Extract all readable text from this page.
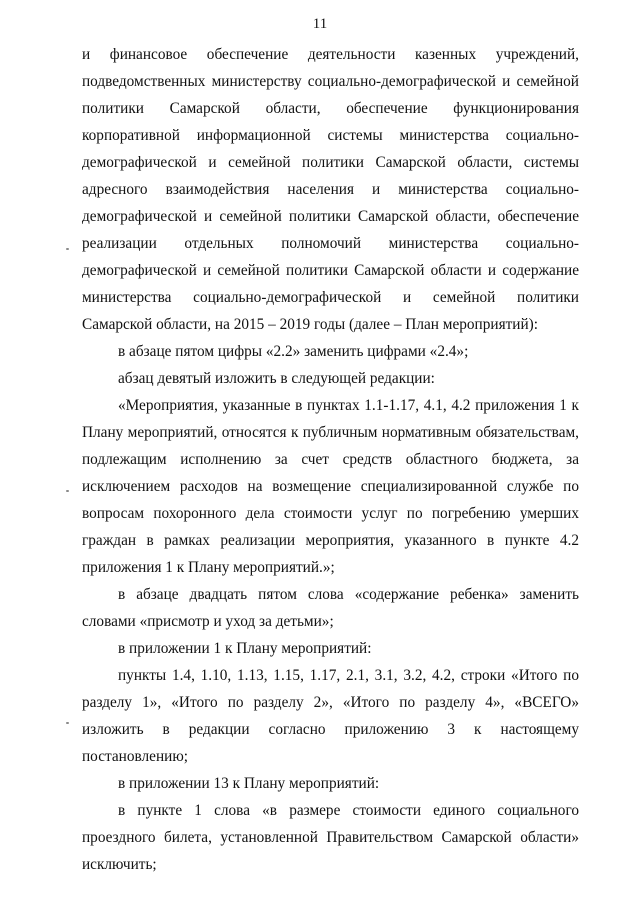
11

и финансовое обеспечение деятельности казенных учреждений, подведомственных министерству социально-демографической и семейной политики Самарской области, обеспечение функционирования корпоративной информационной системы министерства социально-демографической и семейной политики Самарской области, системы адресного взаимодействия населения и министерства социально-демографической и семейной политики Самарской области, обеспечение реализации отдельных полномочий министерства социально-демографической и семейной политики Самарской области и содержание министерства социально-демографической и семейной политики Самарской области, на 2015 – 2019 годы (далее – План мероприятий):

в абзаце пятом цифры «2.2» заменить цифрами «2.4»;

абзац девятый изложить в следующей редакции:

«Мероприятия, указанные в пунктах 1.1-1.17, 4.1, 4.2 приложения 1 к Плану мероприятий, относятся к публичным нормативным обязательствам, подлежащим исполнению за счет средств областного бюджета, за исключением расходов на возмещение специализированной службе по вопросам похоронного дела стоимости услуг по погребению умерших граждан в рамках реализации мероприятия, указанного в пункте 4.2 приложения 1 к Плану мероприятий.»;

в абзаце двадцать пятом слова «содержание ребенка» заменить словами «присмотр и уход за детьми»;

в приложении 1 к Плану мероприятий:

пункты 1.4, 1.10, 1.13, 1.15, 1.17, 2.1, 3.1, 3.2, 4.2, строки «Итого по разделу 1», «Итого по разделу 2», «Итого по разделу 4», «ВСЕГО» изложить в редакции согласно приложению 3 к настоящему постановлению;

в приложении 13 к Плану мероприятий:

в пункте 1 слова «в размере стоимости единого социального проездного билета, установленной Правительством Самарской области» исключить;
